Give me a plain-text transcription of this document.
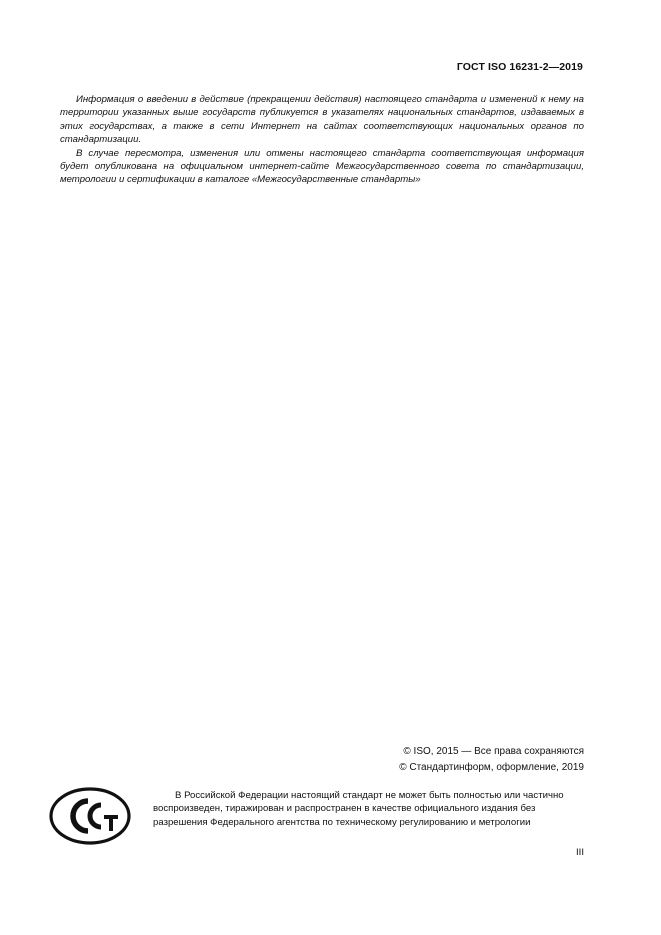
ГОСТ ISO 16231-2—2019

Информация о введении в действие (прекращении действия) настоящего стандарта и изменений к нему на территории указанных выше государств публикуется в указателях национальных стандартов, издаваемых в этих государствах, а также в сети Интернет на сайтах соответствующих национальных органов по стандартизации.

В случае пересмотра, изменения или отмены настоящего стандарта соответствующая информация будет опубликована на официальном интернет-сайте Межгосударственного совета по стандартизации, метрологии и сертификации в каталоге «Межгосударственные стандарты»

© ISO, 2015 — Все права сохраняются
© Стандартинформ, оформление, 2019

В Российской Федерации настоящий стандарт не может быть полностью или частично воспроизведен, тиражирован и распространен в качестве официального издания без разрешения Федерального агентства по техническому регулированию и метрологии

III
